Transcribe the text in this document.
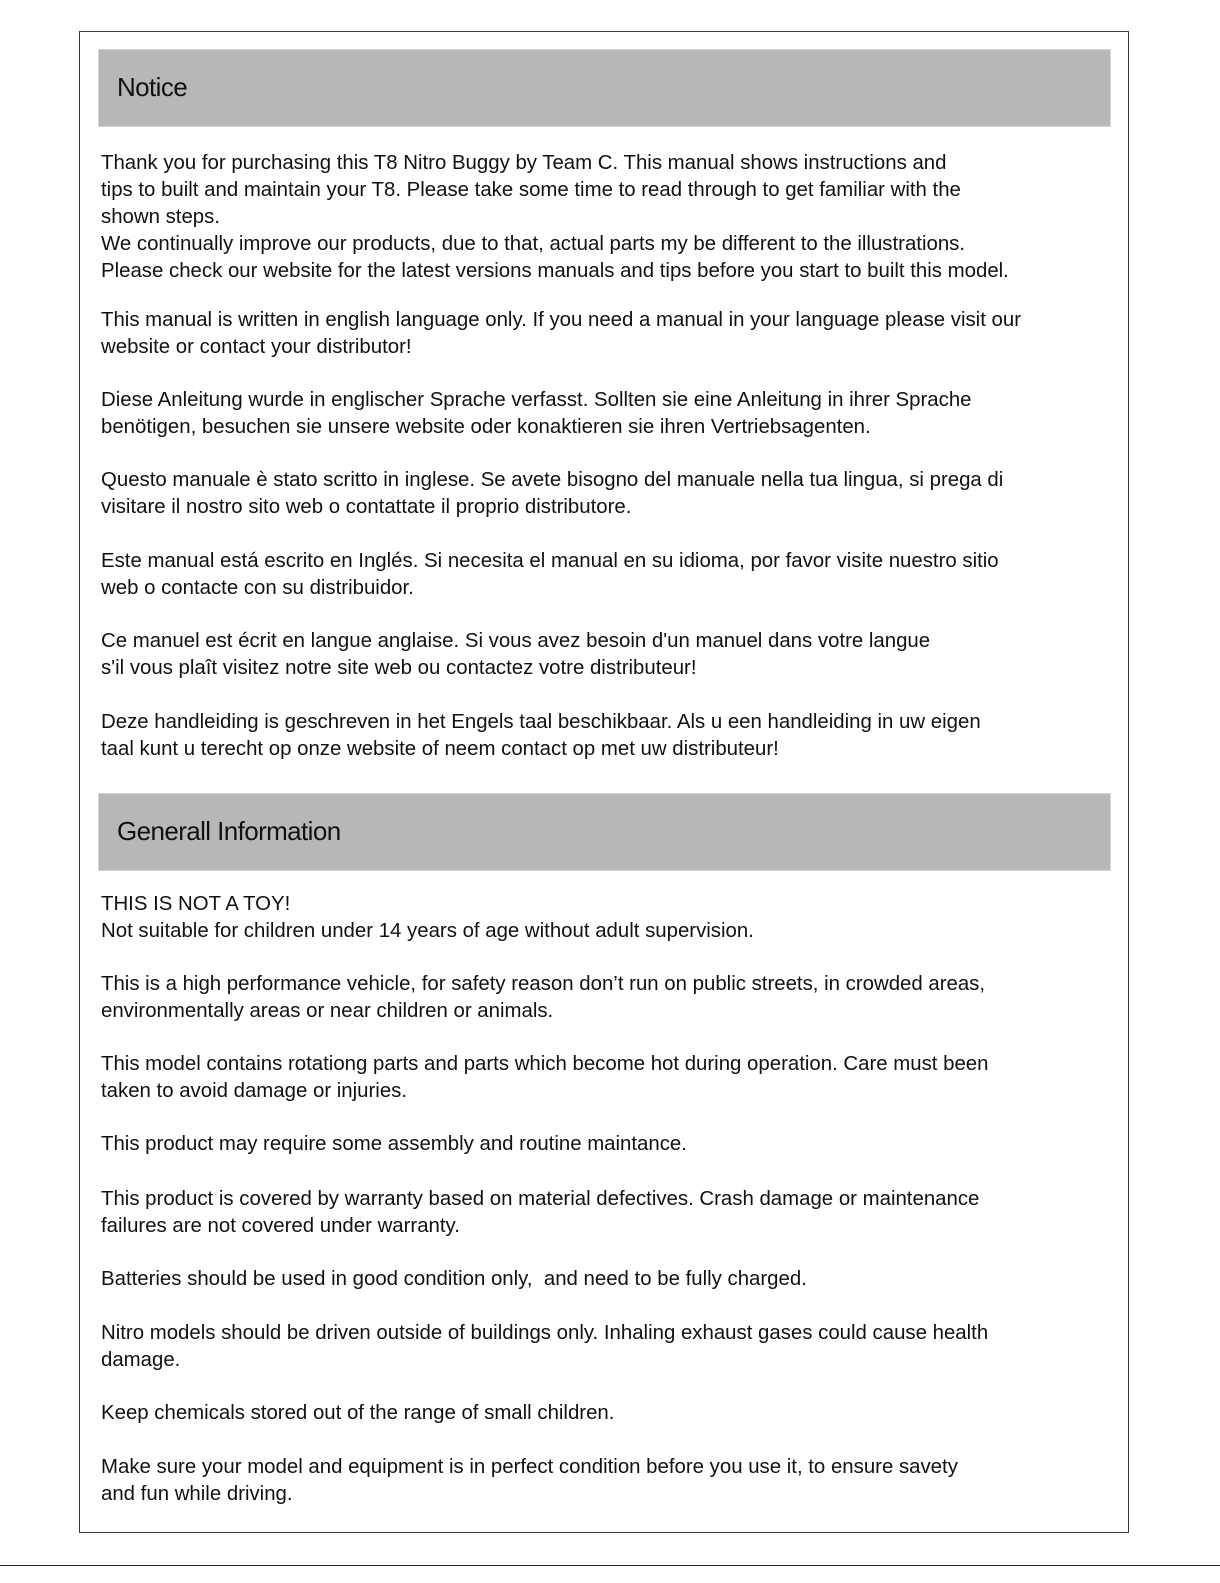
Notice

Thank you for purchasing this T8 Nitro Buggy by Team C. This manual shows instructions and
tips to built and maintain your T8. Please take some time to read through to get familiar with the
shown steps.
We continually improve our products, due to that, actual parts my be different to the illustrations.
Please check our website for the latest versions manuals and tips before you start to built this model.

This manual is written in english language only. If you need a manual in your language please visit our
website or contact your distributor!

Diese Anleitung wurde in englischer Sprache verfasst. Sollten sie eine Anleitung in ihrer Sprache
benötigen, besuchen sie unsere website oder konaktieren sie ihren Vertriebsagenten.

Questo manuale è stato scritto in inglese. Se avete bisogno del manuale nella tua lingua, si prega di
visitare il nostro sito web o contattate il proprio distributore.

Este manual está escrito en Inglés. Si necesita el manual en su idioma, por favor visite nuestro sitio
web o contacte con su distribuidor.

Ce manuel est écrit en langue anglaise. Si vous avez besoin d'un manuel dans votre langue
s'il vous plaît visitez notre site web ou contactez votre distributeur!

Deze handleiding is geschreven in het Engels taal beschikbaar. Als u een handleiding in uw eigen
taal kunt u terecht op onze website of neem contact op met uw distributeur!

Generall Information

THIS IS NOT A TOY!
Not suitable for children under 14 years of age without adult supervision.

This is a high performance vehicle, for safety reason don’t run on public streets, in crowded areas,
environmentally areas or near children or animals.

This model contains rotationg parts and parts which become hot during operation. Care must been
taken to avoid damage or injuries.

This product may require some assembly and routine maintance.

This product is covered by warranty based on material defectives. Crash damage or maintenance
failures are not covered under warranty.

Batteries should be used in good condition only,  and need to be fully charged.

Nitro models should be driven outside of buildings only. Inhaling exhaust gases could cause health
damage.

Keep chemicals stored out of the range of small children.

Make sure your model and equipment is in perfect condition before you use it, to ensure savety
and fun while driving.
